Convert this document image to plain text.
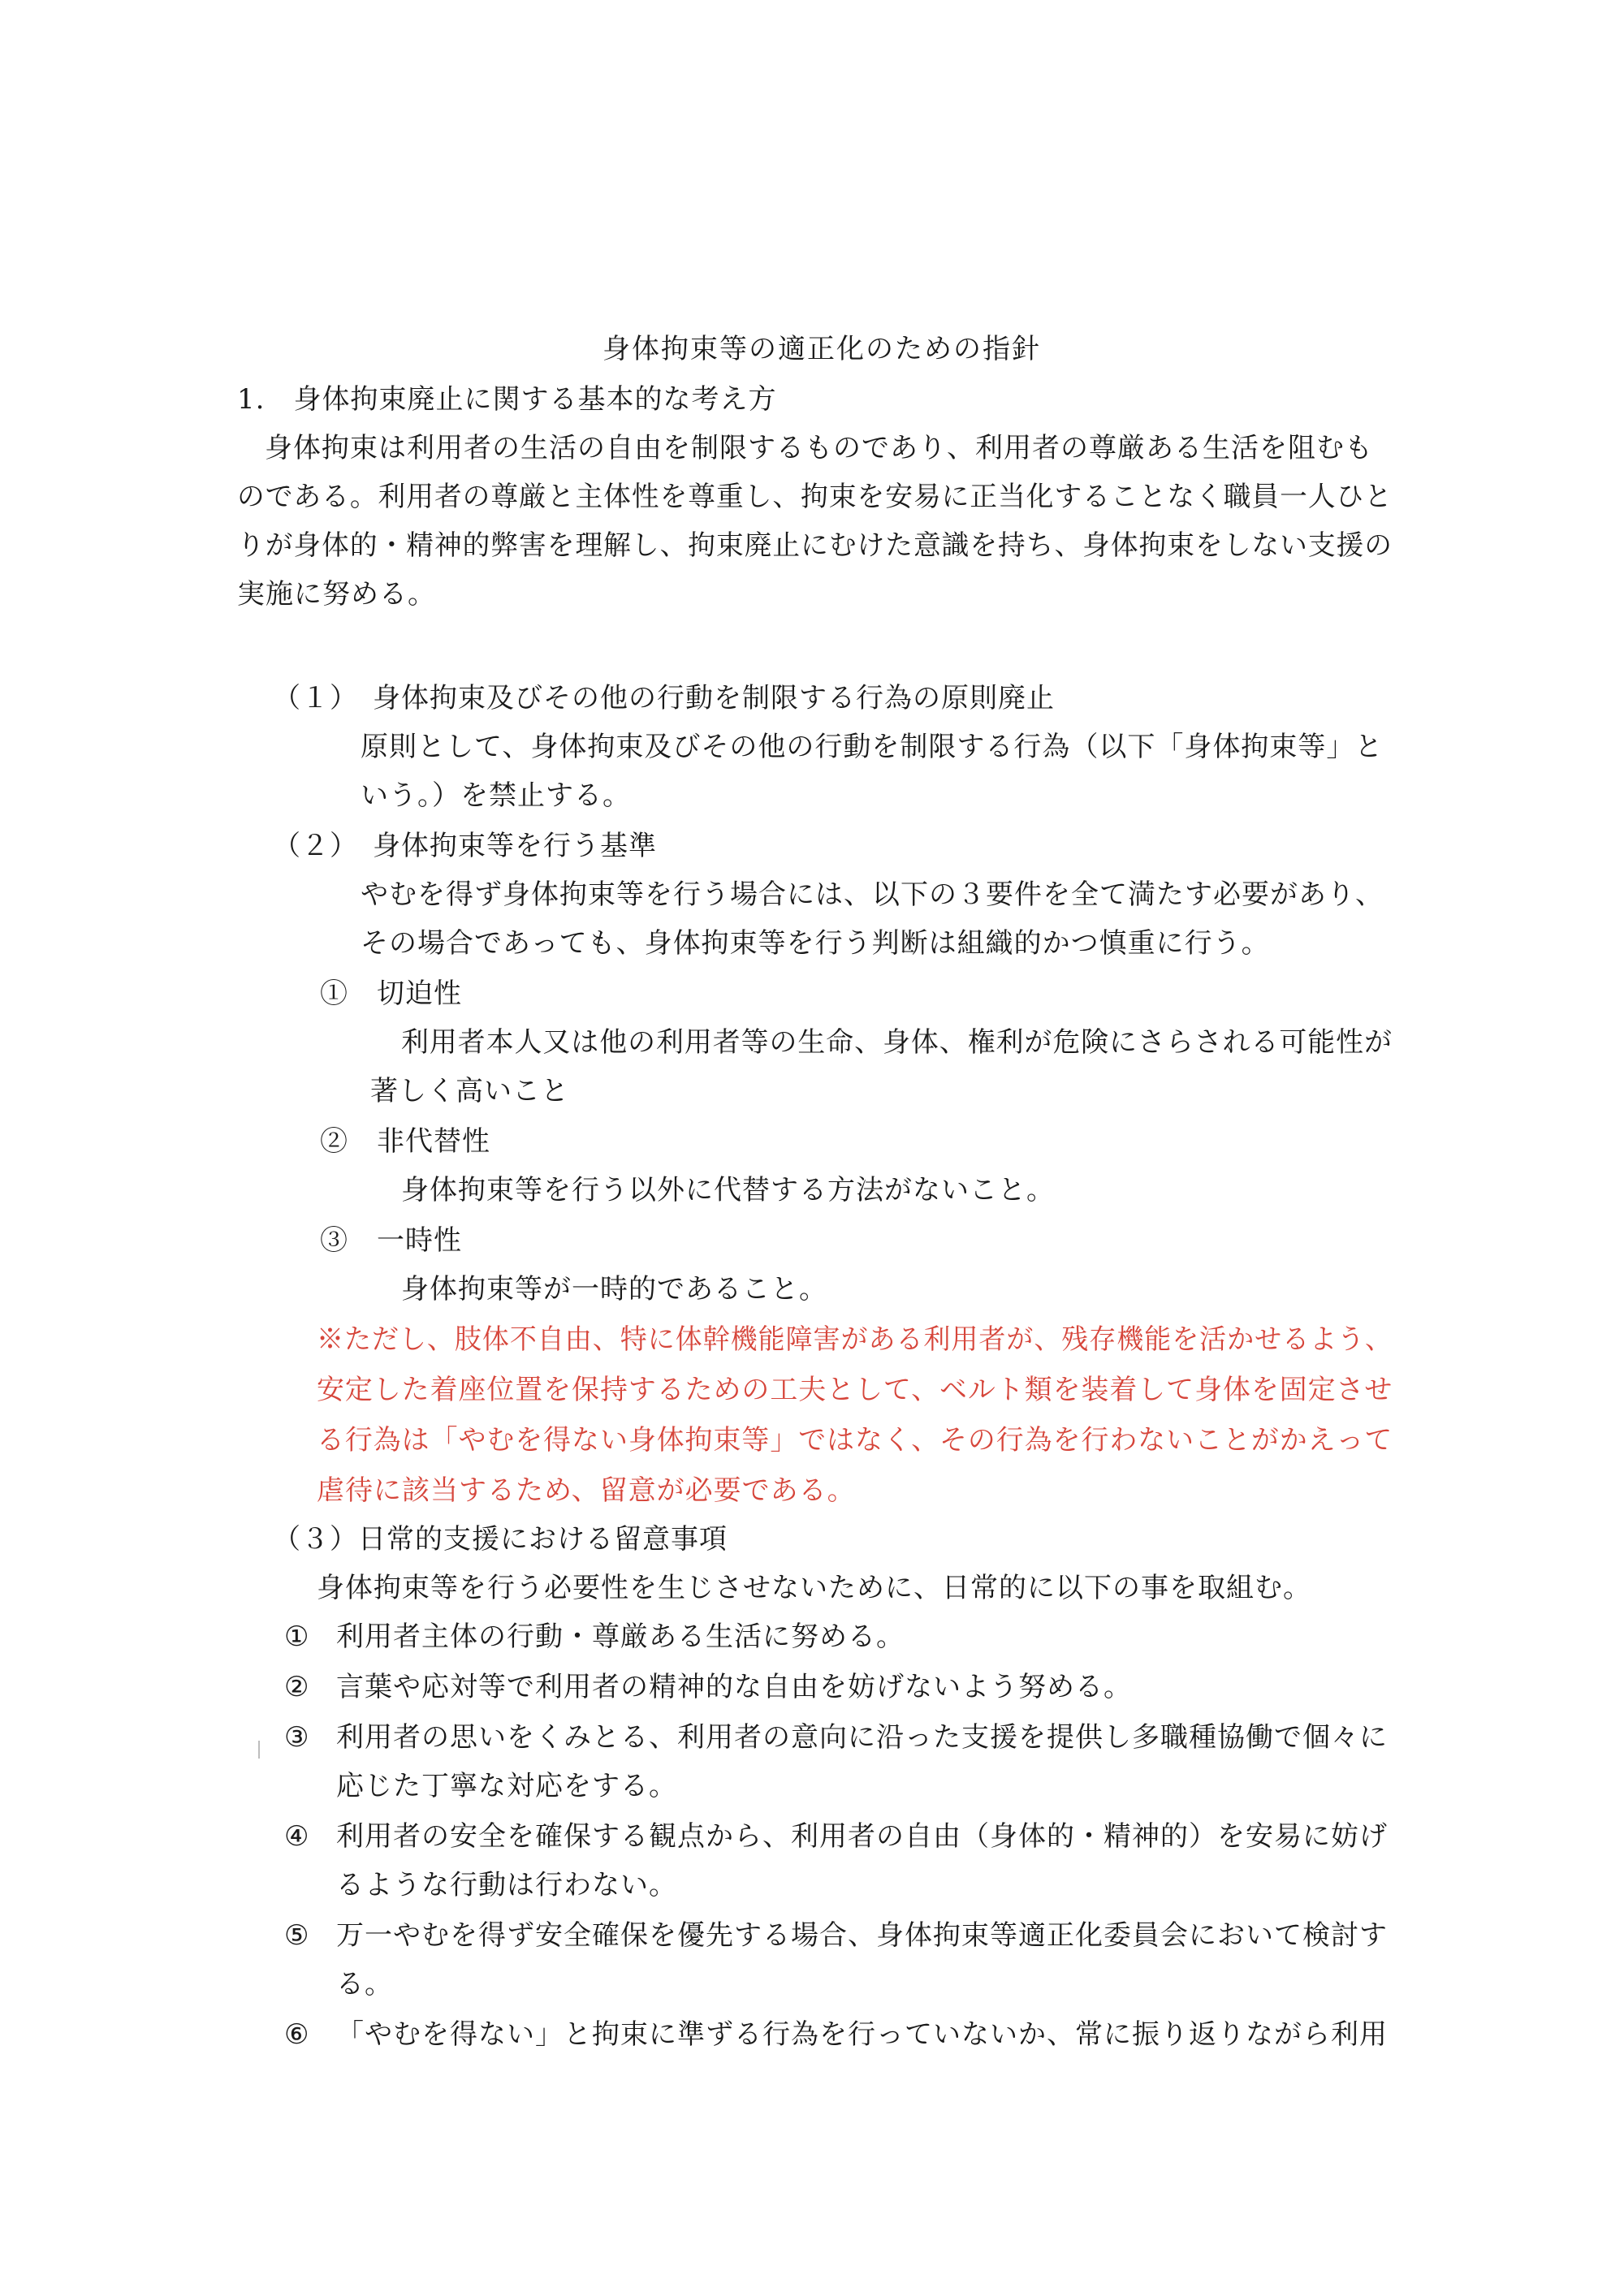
身体拘束等の適正化のための指針
1.　身体拘束廃止に関する基本的な考え方
身体拘束は利用者の生活の自由を制限するものであり、利用者の尊厳ある生活を阻むも
のである。利用者の尊厳と主体性を尊重し、拘束を安易に正当化することなく職員一人ひと
りが身体的・精神的弊害を理解し、拘束廃止にむけた意識を持ち、身体拘束をしない支援の
実施に努める。
（１）　身体拘束及びその他の行動を制限する行為の原則廃止
原則として、身体拘束及びその他の行動を制限する行為（以下「身体拘束等」と
いう。）を禁止する。
（２）　身体拘束等を行う基準
やむを得ず身体拘束等を行う場合には、以下の３要件を全て満たす必要があり、
その場合であっても、身体拘束等を行う判断は組織的かつ慎重に行う。
①　切迫性
利用者本人又は他の利用者等の生命、身体、権利が危険にさらされる可能性が
著しく高いこと
②　非代替性
身体拘束等を行う以外に代替する方法がないこと。
③　一時性
身体拘束等が一時的であること。
※ただし、肢体不自由、特に体幹機能障害がある利用者が、残存機能を活かせるよう、
安定した着座位置を保持するための工夫として、ベルト類を装着して身体を固定させ
る行為は「やむを得ない身体拘束等」ではなく、その行為を行わないことがかえって
虐待に該当するため、留意が必要である。
（３）日常的支援における留意事項
身体拘束等を行う必要性を生じさせないために、日常的に以下の事を取組む。
① 利用者主体の行動・尊厳ある生活に努める。
② 言葉や応対等で利用者の精神的な自由を妨げないよう努める。
③ 利用者の思いをくみとる、利用者の意向に沿った支援を提供し多職種協働で個々に
応じた丁寧な対応をする。
④ 利用者の安全を確保する観点から、利用者の自由（身体的・精神的）を安易に妨げ
るような行動は行わない。
⑤ 万一やむを得ず安全確保を優先する場合、身体拘束等適正化委員会において検討す
る。
⑥ 「やむを得ない」と拘束に準ずる行為を行っていないか、常に振り返りながら利用
